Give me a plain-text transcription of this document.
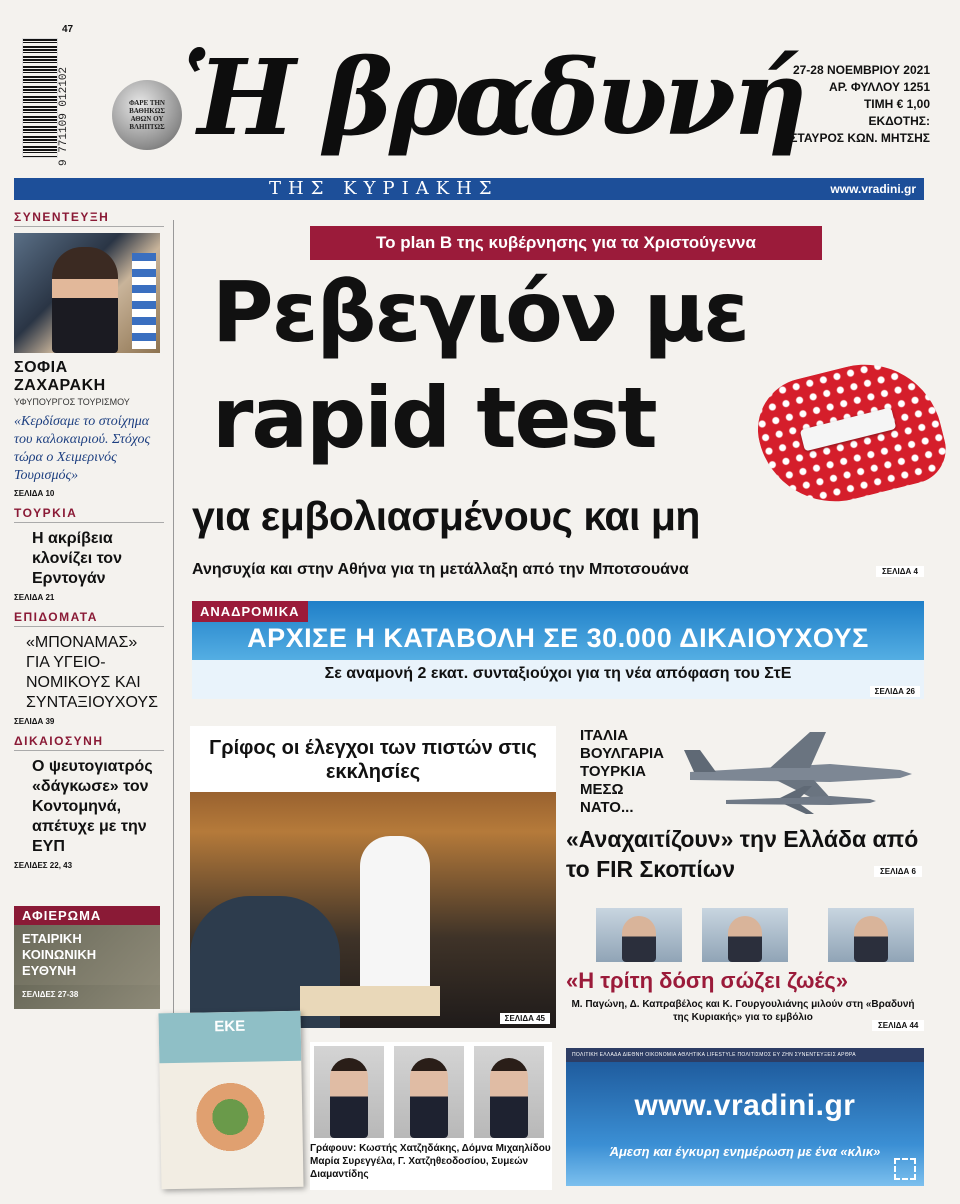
9 771109 012102
47
ΦΑΡΕ ΤΗΝ ΒΑΘΗΚΩΣ ΑΘΩΝ ΟΥ ΒΛΗΠΤΩΣ Ἡ βραδυνή
27-28 ΝΟΕΜΒΡΙΟΥ 2021
ΑΡ. ΦΥΛΛΟΥ 1251
ΤΙΜΗ € 1,00
ΕΚΔΟΤΗΣ:
ΣΤΑΥΡΟΣ ΚΩΝ. ΜΗΤΣΗΣ
ΤΗΣ ΚΥΡΙΑΚΗΣ	www.vradini.gr
ΣΥΝΕΝΤΕΥΞΗ
ΣΟΦΙΑ ΖΑΧΑΡΑΚΗ
ΥΦΥΠΟΥΡΓΟΣ ΤΟΥΡΙΣΜΟΥ
«Κερδίσαμε το στοίχημα του καλοκαιριού. Στόχος τώρα ο Χειμερινός Τουρισμός»
ΣΕΛΙΔΑ 10
ΤΟΥΡΚΙΑ
Η ακρίβεια κλονίζει τον Ερντογάν
ΣΕΛΙΔΑ 21
ΕΠΙΔΟΜΑΤΑ
«ΜΠΟΝΑΜΑΣ» ΓΙΑ ΥΓΕΙΟ-ΝΟΜΙΚΟΥΣ ΚΑΙ ΣΥΝΤΑΞΙΟΥΧΟΥΣ
ΣΕΛΙΔΑ 39
ΔΙΚΑΙΟΣΥΝΗ
Ο ψευτογιατρός «δάγκωσε» τον Κοντομηνά, απέτυχε με την ΕΥΠ
ΣΕΛΙΔΕΣ 22, 43
ΑΦΙΕΡΩΜΑ
ΕΤΑΙΡΙΚΗ ΚΟΙΝΩΝΙΚΗ ΕΥΘΥΝΗ
ΣΕΛΙΔΕΣ 27-38
Το plan B της κυβέρνησης για τα Χριστούγεννα
Ρεβεγιόν με
rapid test
για εμβολιασμένους και μη
Ανησυχία και στην Αθήνα για τη μετάλλαξη από την Μποτσουάνα	ΣΕΛΙΔΑ 4
ΑΝΑΔΡΟΜΙΚΑ
ΑΡΧΙΣΕ Η ΚΑΤΑΒΟΛΗ ΣΕ 30.000 ΔΙΚΑΙΟΥΧΟΥΣ
Σε αναμονή 2 εκατ. συνταξιούχοι για τη νέα απόφαση του ΣτΕ
ΣΕΛΙΔΑ 26
Γρίφος οι έλεγχοι των πιστών στις εκκλησίες
ΣΕΛΙΔΑ 45
ΙΤΑΛΙΑ ΒΟΥΛΓΑΡΙΑ ΤΟΥΡΚΙΑ ΜΕΣΩ ΝΑΤΟ...
«Αναχαιτίζουν» την Ελλάδα από το FIR Σκοπίων	ΣΕΛΙΔΑ 6
«Η τρίτη δόση σώζει ζωές»
Μ. Παγώνη, Δ. Καπραβέλος και Κ. Γουργουλιάνης μιλούν στη «Βραδυνή της Κυριακής» για το εμβόλιο
ΣΕΛΙΔΑ 44
ΕΚΕ
Γράφουν: Κωστής Χατζηδάκης, Δόμνα Μιχαηλίδου Μαρία Συρεγγέλα, Γ. Χατζηθεοδοσίου, Συμεών Διαμαντίδης
ΠΟΛΙΤΙΚΗ ΕΛΛΑΔΑ ΔΙΕΘΝΗ ΟΙΚΟΝΟΜΙΑ ΑΘΛΗΤΙΚΑ LIFESTYLE ΠΟΛΙΤΙΣΜΟΣ ΕΥ ΖΗΝ ΣΥΝΕΝΤΕΥΞΕΙΣ ΑΡΘΡΑ
www.vradini.gr
Άμεση και έγκυρη ενημέρωση με ένα «κλικ»
